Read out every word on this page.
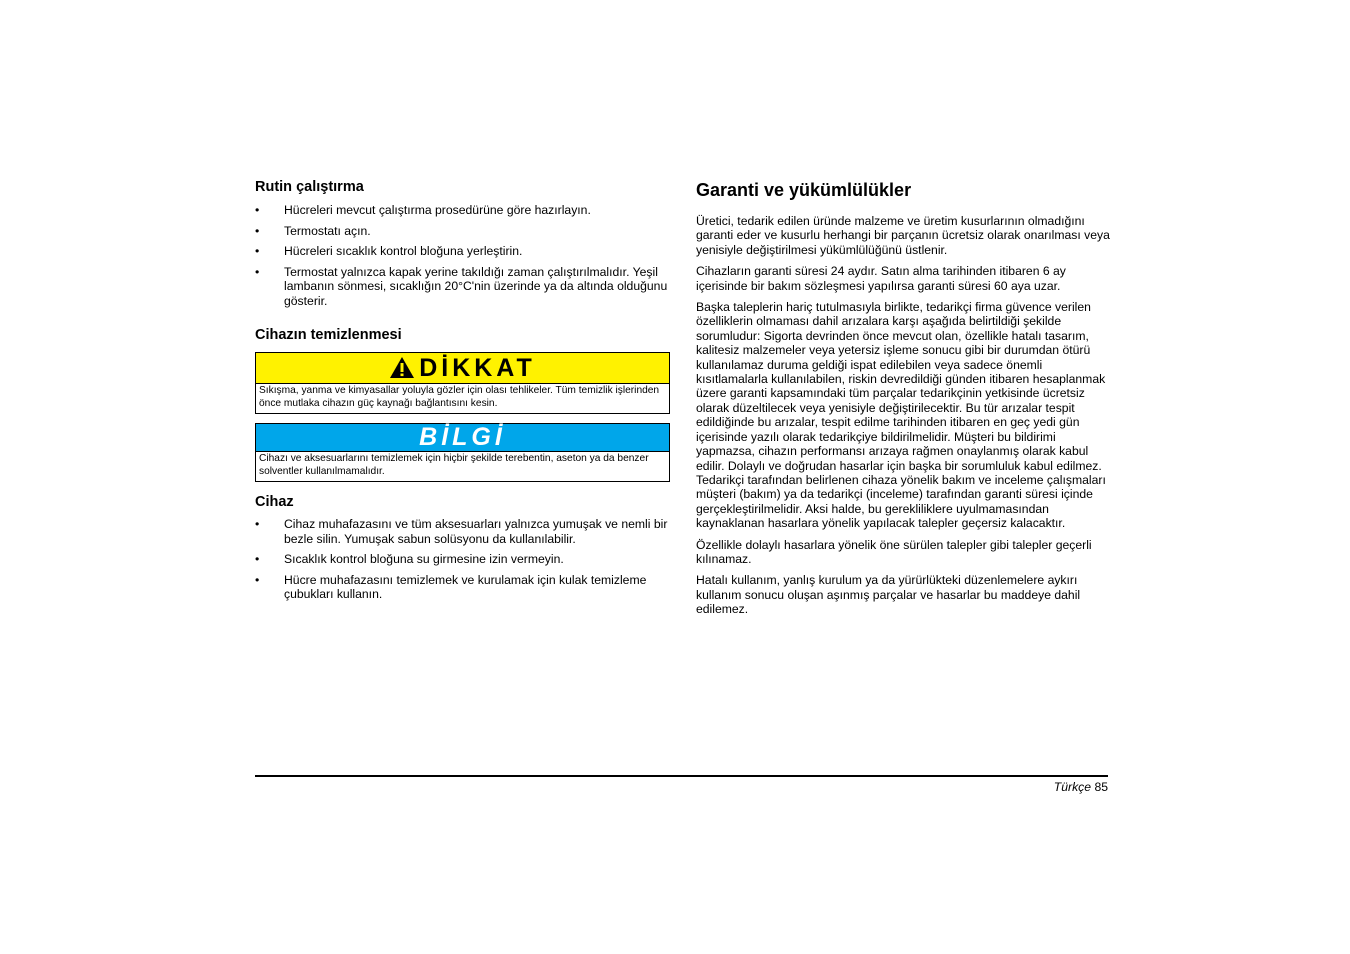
Rutin çalıştırma
• Hücreleri mevcut çalıştırma prosedürüne göre hazırlayın.
• Termostatı açın.
• Hücreleri sıcaklık kontrol bloğuna yerleştirin.
• Termostat yalnızca kapak yerine takıldığı zaman çalıştırılmalıdır. Yeşil lambanın sönmesi, sıcaklığın 20°C'nin üzerinde ya da altında olduğunu gösterir.
Cihazın temizlenmesi
DİKKAT
Sıkışma, yanma ve kimyasallar yoluyla gözler için olası tehlikeler. Tüm temizlik işlerinden önce mutlaka cihazın güç kaynağı bağlantısını kesin.
BİLGİ
Cihazı ve aksesuarlarını temizlemek için hiçbir şekilde terebentin, aseton ya da benzer solventler kullanılmamalıdır.
Cihaz
• Cihaz muhafazasını ve tüm aksesuarları yalnızca yumuşak ve nemli bir bezle silin. Yumuşak sabun solüsyonu da kullanılabilir.
• Sıcaklık kontrol bloğuna su girmesine izin vermeyin.
• Hücre muhafazasını temizlemek ve kurulamak için kulak temizleme çubukları kullanın.
Garanti ve yükümlülükler

Üretici, tedarik edilen üründe malzeme ve üretim kusurlarının olmadığını garanti eder ve kusurlu herhangi bir parçanın ücretsiz olarak onarılması veya yenisiyle değiştirilmesi yükümlülüğünü üstlenir.

Cihazların garanti süresi 24 aydır. Satın alma tarihinden itibaren 6 ay içerisinde bir bakım sözleşmesi yapılırsa garanti süresi 60 aya uzar.

Başka taleplerin hariç tutulmasıyla birlikte, tedarikçi firma güvence verilen özelliklerin olmaması dahil arızalara karşı aşağıda belirtildiği şekilde sorumludur: Sigorta devrinden önce mevcut olan, özellikle hatalı tasarım, kalitesiz malzemeler veya yetersiz işleme sonucu gibi bir durumdan ötürü kullanılamaz duruma geldiği ispat edilebilen veya sadece önemli kısıtlamalarla kullanılabilen, riskin devredildiği günden itibaren hesaplanmak üzere garanti kapsamındaki tüm parçalar tedarikçinin yetkisinde ücretsiz olarak düzeltilecek veya yenisiyle değiştirilecektir. Bu tür arızalar tespit edildiğinde bu arızalar, tespit edilme tarihinden itibaren en geç yedi gün içerisinde yazılı olarak tedarikçiye bildirilmelidir. Müşteri bu bildirimi yapmazsa, cihazın performansı arızaya rağmen onaylanmış olarak kabul edilir. Dolaylı ve doğrudan hasarlar için başka bir sorumluluk kabul edilmez. Tedarikçi tarafından belirlenen cihaza yönelik bakım ve inceleme çalışmaları müşteri (bakım) ya da tedarikçi (inceleme) tarafından garanti süresi içinde gerçekleştirilmelidir. Aksi halde, bu gerekliliklere uyulmamasından kaynaklanan hasarlara yönelik yapılacak talepler geçersiz kalacaktır.

Özellikle dolaylı hasarlara yönelik öne sürülen talepler gibi talepler geçerli kılınamaz.

Hatalı kullanım, yanlış kurulum ya da yürürlükteki düzenlemelere aykırı kullanım sonucu oluşan aşınmış parçalar ve hasarlar bu maddeye dahil edilemez.

Türkçe 85
